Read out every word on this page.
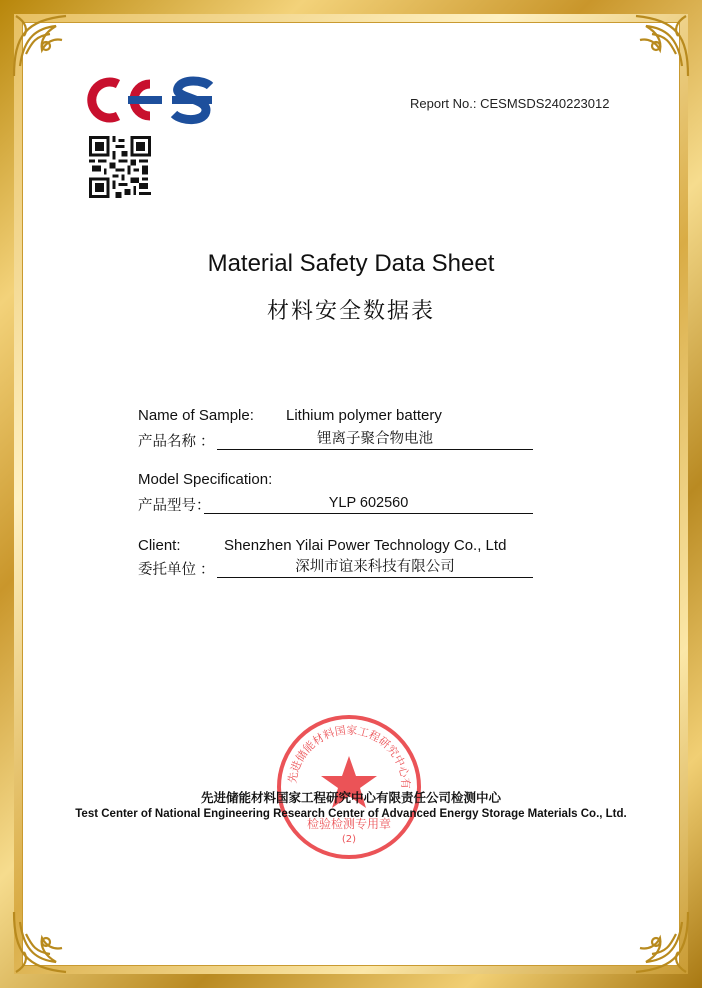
Report No.: CESMSDS240223012
Material Safety Data Sheet
材料安全数据表
Name of Sample: Lithium polymer battery
产品名称 ：	锂离子聚合物电池
Model Specification:
产品型号：	YLP 602560
Client:	Shenzhen Yilai Power Technology Co., Ltd
委托单位 ：	深圳市谊来科技有限公司
先进储能材料国家工程研究中心有
检验检测专用章
(2)
先进储能材料国家工程研究中心有限责任公司检测中心
Test Center of National Engineering Research Center of Advanced Energy Storage Materials Co., Ltd.
